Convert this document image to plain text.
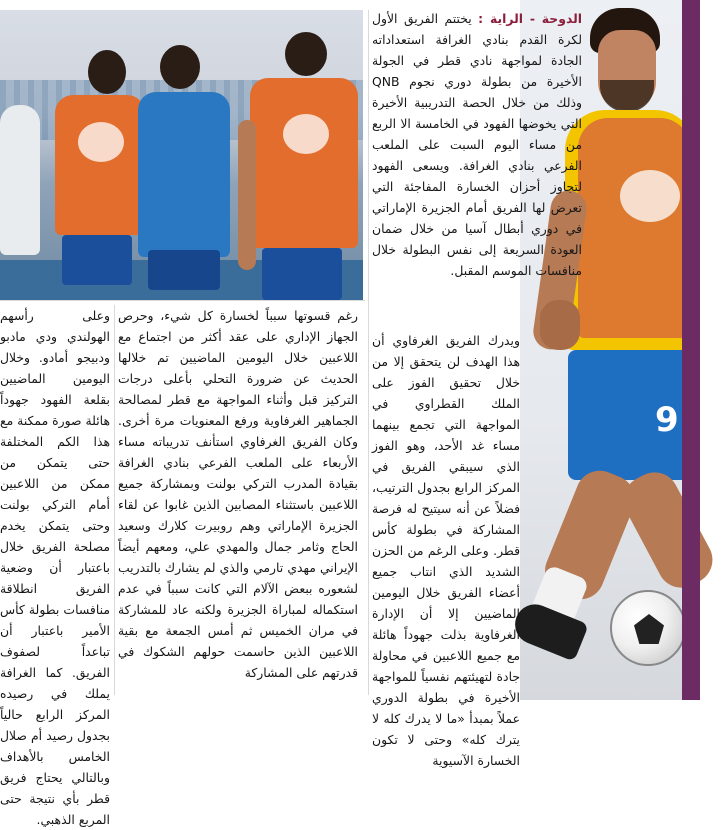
9

الدوحة - الراية : يختتم الفريق الأول لكرة القدم بنادي الغرافة استعداداته الجادة لمواجهة نادي قطر في الجولة الأخيرة من بطولة دوري نجوم QNB وذلك من خلال الحصة التدريبية الأخيرة التي يخوضها الفهود في الخامسة الا الربع من مساء اليوم السبت على الملعب الفرعي بنادي الغرافة. ويسعى الفهود لتجاوز أحزان الخسارة المفاجئة التي تعرض لها الفريق أمام الجزيرة الإماراتي في دوري أبطال آسيا من خلال ضمان العودة السريعة إلى نفس البطولة خلال منافسات الموسم المقبل.

ويدرك الفريق الغرفاوي أن هذا الهدف لن يتحقق إلا من خلال تحقيق الفوز على الملك القطراوي في المواجهة التي تجمع بينهما مساء غد الأحد، وهو الفوز الذي سيبقي الفريق في المركز الرابع بجدول الترتيب، فضلاً عن أنه سيتيح له فرصة المشاركة في بطولة كأس قطر. وعلى الرغم من الحزن الشديد الذي انتاب جميع أعضاء الفريق خلال اليومين الماضيين إلا أن الإدارة الغرفاوية بذلت جهوداً هائلة مع جميع اللاعبين في محاولة جادة لتهيئتهم نفسياً للمواجهة الأخيرة في بطولة الدوري عملاً بمبدأ «ما لا يدرك كله لا يترك كله» وحتى لا تكون الخسارة الآسيوية

رغم قسوتها سبباً لخسارة كل شيء، وحرص الجهاز الإداري على عقد أكثر من اجتماع مع اللاعبين خلال اليومين الماضيين تم خلالها الحديث عن ضرورة التحلي بأعلى درجات التركيز قبل وأثناء المواجهة مع قطر لمصالحة الجماهير الغرفاوية ورفع المعنويات مرة أخرى. وكان الفريق الغرفاوي استأنف تدريباته مساء الأربعاء على الملعب الفرعي بنادي الغرافة بقيادة المدرب التركي بولنت وبمشاركة جميع اللاعبين باستثناء المصابين الذين غابوا عن لقاء الجزيرة الإماراتي وهم روبيرت كلارك وسعيد الحاج وثامر جمال والمهدي علي، ومعهم أيضاً الإيراني مهدي تارمي والذي لم يشارك بالتدريب لشعوره ببعض الآلام التي كانت سبباً في عدم استكماله لمباراة الجزيرة ولكنه عاد للمشاركة في مران الخميس ثم أمس الجمعة مع بقية اللاعبين الذين حاسمت حولهم الشكوك في قدرتهم على المشاركة

وعلى رأسهم الهولندي ودي مادبو ودبيجو أمادو. وخلال اليومين الماضيين بقلعة الفهود جهوداً هائلة صورة ممكنة مع هذا الكم المختلفة حتى يتمكن من ممكن من اللاعبين أمام التركي بولنت وحتى يتمكن يخدم مصلحة الفريق خلال باعتبار أن وضعية الفريق انطلاقة منافسات بطولة كأس الأمير باعتبار أن تباعداً لصفوف الفريق. كما الغرافة يملك في رصيده المركز الرابع حالياً بجدول رصيد أم صلال الخامس بالأهداف وبالتالي يحتاج فريق قطر بأي نتيجة حتى المربع الذهبي.
